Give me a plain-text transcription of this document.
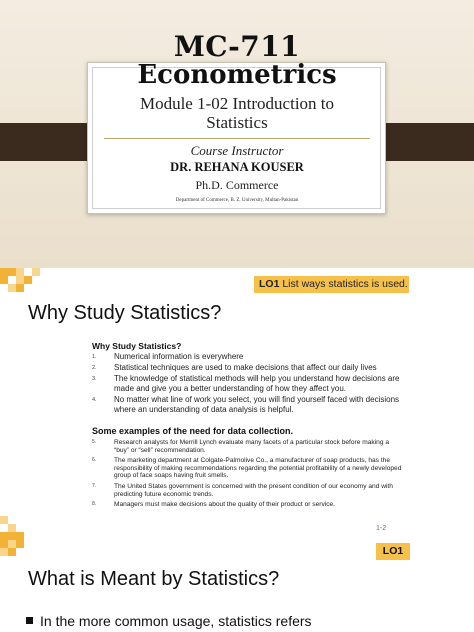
MC-711
Econometrics
Module 1-02 Introduction to
Statistics
Course Instructor
DR. REHANA KOUSER
Ph.D. Commerce
Department of Commerce, B. Z. University, Multan-Pakistan
LO1 List ways statistics is used.
Why Study Statistics?
Why Study Statistics?
1. Numerical information is everywhere
2. Statistical techniques are used to make decisions that affect our daily lives
3. The knowledge of statistical methods will help you understand how decisions are made and give you a better understanding of how they affect you.
4. No matter what line of work you select, you will find yourself faced with decisions where an understanding of data analysis is helpful.
Some examples of the need for data collection.
5.	Research analysts for Merrill Lynch evaluate many facets of a particular stock before making a “buy” or “sell” recommendation.
6.	The marketing department at Colgate-Palmolive Co., a manufacturer of soap products, has the responsibility of making recommendations regarding the potential profitability of a newly developed group of face soaps having fruit smells.
7.	The United States government is concerned with the present condition of our economy and with predicting future economic trends.
8.	Managers must make decisions about the quality of their product or service.
1-2
LO1
What is Meant by Statistics?
In the more common usage, statistics refers
